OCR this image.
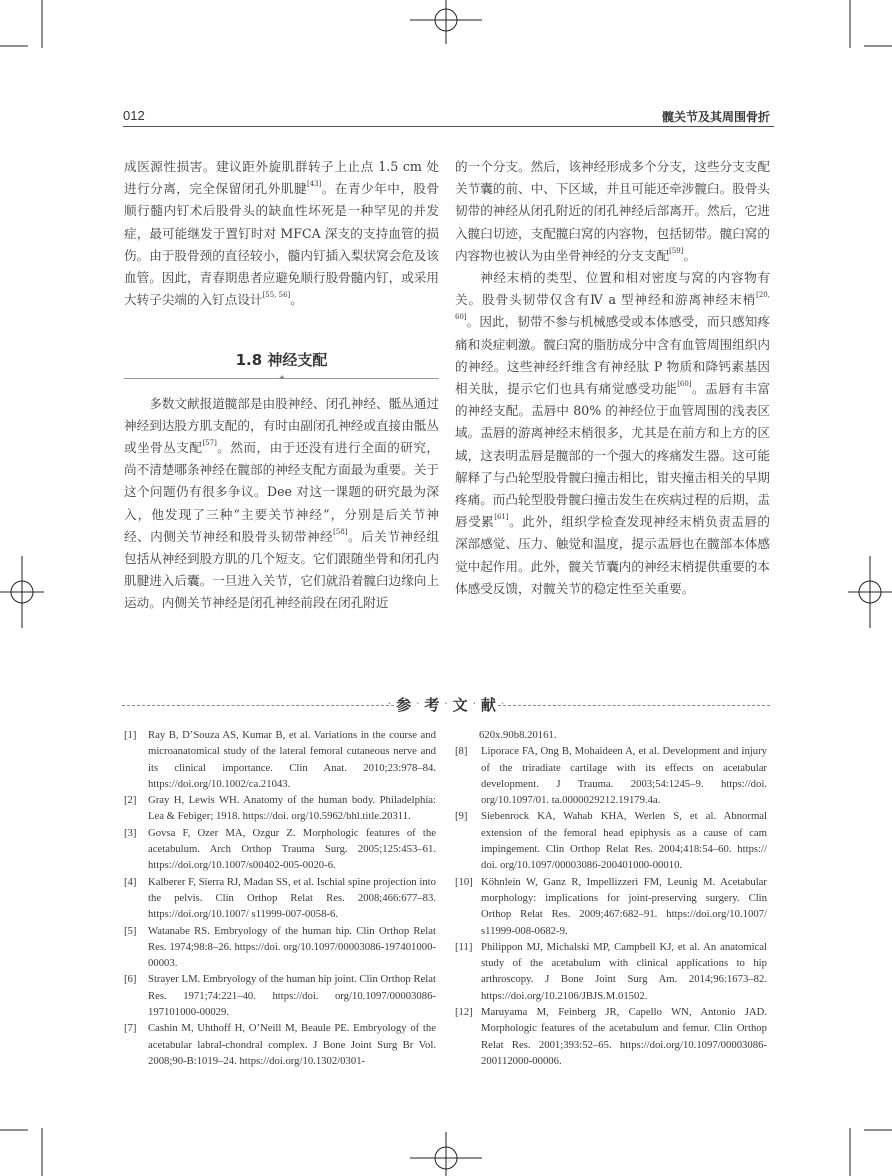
012	髋关节及其周围骨折

成医源性损害。建议距外旋肌群转子上止点 1.5 cm 处进行分离，完全保留闭孔外肌腱[43]。在青少年中，股骨顺行髓内钉术后股骨头的缺血性坏死是一种罕见的并发症，最可能继发于置钉时对 MFCA 深支的支持血管的损伤。由于股骨颈的直径较小，髓内钉插入梨状窝会危及该血管。因此，青春期患者应避免顺行股骨髓内钉，或采用大转子尖端的入钉点设计[55, 56]。

1.8 神经支配

多数文献报道髋部是由股神经、闭孔神经、骶丛通过神经到达股方肌支配的，有时由副闭孔神经或直接由骶丛或坐骨丛支配[57]。然而，由于还没有进行全面的研究，尚不清楚哪条神经在髋部的神经支配方面最为重要。关于这个问题仍有很多争议。Dee 对这一课题的研究最为深入，他发现了三种“主要关节神经”，分别是后关节神经、内侧关节神经和股骨头韧带神经[58]。后关节神经组包括从神经到股方肌的几个短支。它们跟随坐骨和闭孔内肌腱进入后囊。一旦进入关节，它们就沿着髋臼边缘向上运动。内侧关节神经是闭孔神经前段在闭孔附近

的一个分支。然后，该神经形成多个分支，这些分支支配关节囊的前、中、下区域，并且可能还牵涉髋臼。股骨头韧带的神经从闭孔附近的闭孔神经后部离开。然后，它进入髋臼切迹，支配髋臼窝的内容物，包括韧带。髋臼窝的内容物也被认为由坐骨神经的分支支配[59]。

神经末梢的类型、位置和相对密度与窝的内容物有关。股骨头韧带仅含有Ⅳ a 型神经和游离神经末梢[20, 60]。因此，韧带不参与机械感受或本体感受，而只感知疼痛和炎症刺激。髋臼窝的脂肪成分中含有血管周围组织内的神经。这些神经纤维含有神经肽 P 物质和降钙素基因相关肽，提示它们也具有痛觉感受功能[60]。盂唇有丰富的神经支配。盂唇中 80% 的神经位于血管周围的浅表区域。盂唇的游离神经末梢很多，尤其是在前方和上方的区域，这表明盂唇是髋部的一个强大的疼痛发生器。这可能解释了与凸轮型股骨髋臼撞击相比，钳夹撞击相关的早期疼痛。而凸轮型股骨髋臼撞击发生在疾病过程的后期，盂唇受累[61]。此外，组织学检查发现神经末梢负责盂唇的深部感觉、压力、触觉和温度，提示盂唇也在髋部本体感觉中起作用。此外，髋关节囊内的神经末梢提供重要的本体感受反馈，对髋关节的稳定性至关重要。

· 参 · 考 · 文 · 献 ·
[1]	Ray B, D’Souza AS, Kumar B, et al. Variations in the course and microanatomical study of the lateral femoral cutaneous nerve and its clinical importance. Clin Anat. 2010;23:978–84. https://doi.org/10.1002/ca.21043.
[2]	Gray H, Lewis WH. Anatomy of the human body. Philadelphia: Lea & Febiger; 1918. https://doi. org/10.5962/bhl.title.20311.
[3]	Govsa F, Ozer MA, Ozgur Z. Morphologic features of the acetabulum. Arch Orthop Trauma Surg. 2005;125:453–61. https://doi.org/10.1007/s00402-005-0020-6.
[4]	Kalberer F, Sierra RJ, Madan SS, et al. Ischial spine projection into the pelvis. Clin Orthop Relat Res. 2008;466:677–83. https://doi.org/10.1007/ s11999-007-0058-6.
[5]	Watanabe RS. Embryology of the human hip. Clin Orthop Relat Res. 1974;98:8–26. https://doi. org/10.1097/00003086-197401000-00003.
[6]	Strayer LM. Embryology of the human hip joint. Clin Orthop Relat Res. 1971;74:221–40. https://doi. org/10.1097/00003086-197101000-00029.
[7]	Cashin M, Uhthoff H, O’Neill M, Beaule PE. Embryology of the acetabular labral-chondral complex. J Bone Joint Surg Br Vol. 2008;90-B:1019–24. https://doi.org/10.1302/0301-
620x.90b8.20161.
[8]	Liporace FA, Ong B, Mohaideen A, et al. Development and injury of the triradiate cartilage with its effects on acetabular development. J Trauma. 2003;54:1245–9. https://doi. org/10.1097/01. ta.0000029212.19179.4a.
[9]	Siebenrock KA, Wahab KHA, Werlen S, et al. Abnormal extension of the femoral head epiphysis as a cause of cam impingement. Clin Orthop Relat Res. 2004;418:54–60. https:// doi. org/10.1097/00003086-200401000-00010.
[10] Köhnlein W, Ganz R, Impellizzeri FM, Leunig M. Acetabular morphology: implications for joint-preserving surgery. Clin Orthop Relat Res. 2009;467:682–91. https://doi.org/10.1007/ s11999-008-0682-9.
[11] Philippon MJ, Michalski MP, Campbell KJ, et al. An anatomical study of the acetabulum with clinical applications to hip arthroscopy. J Bone Joint Surg Am. 2014;96:1673–82. https://doi.org/10.2106/JBJS.M.01502.
[12] Maruyama M, Feinberg JR, Capello WN, Antonio JAD. Morphologic features of the acetabulum and femur. Clin Orthop Relat Res. 2001;393:52–65. https://doi.org/10.1097/00003086-200112000-00006.
